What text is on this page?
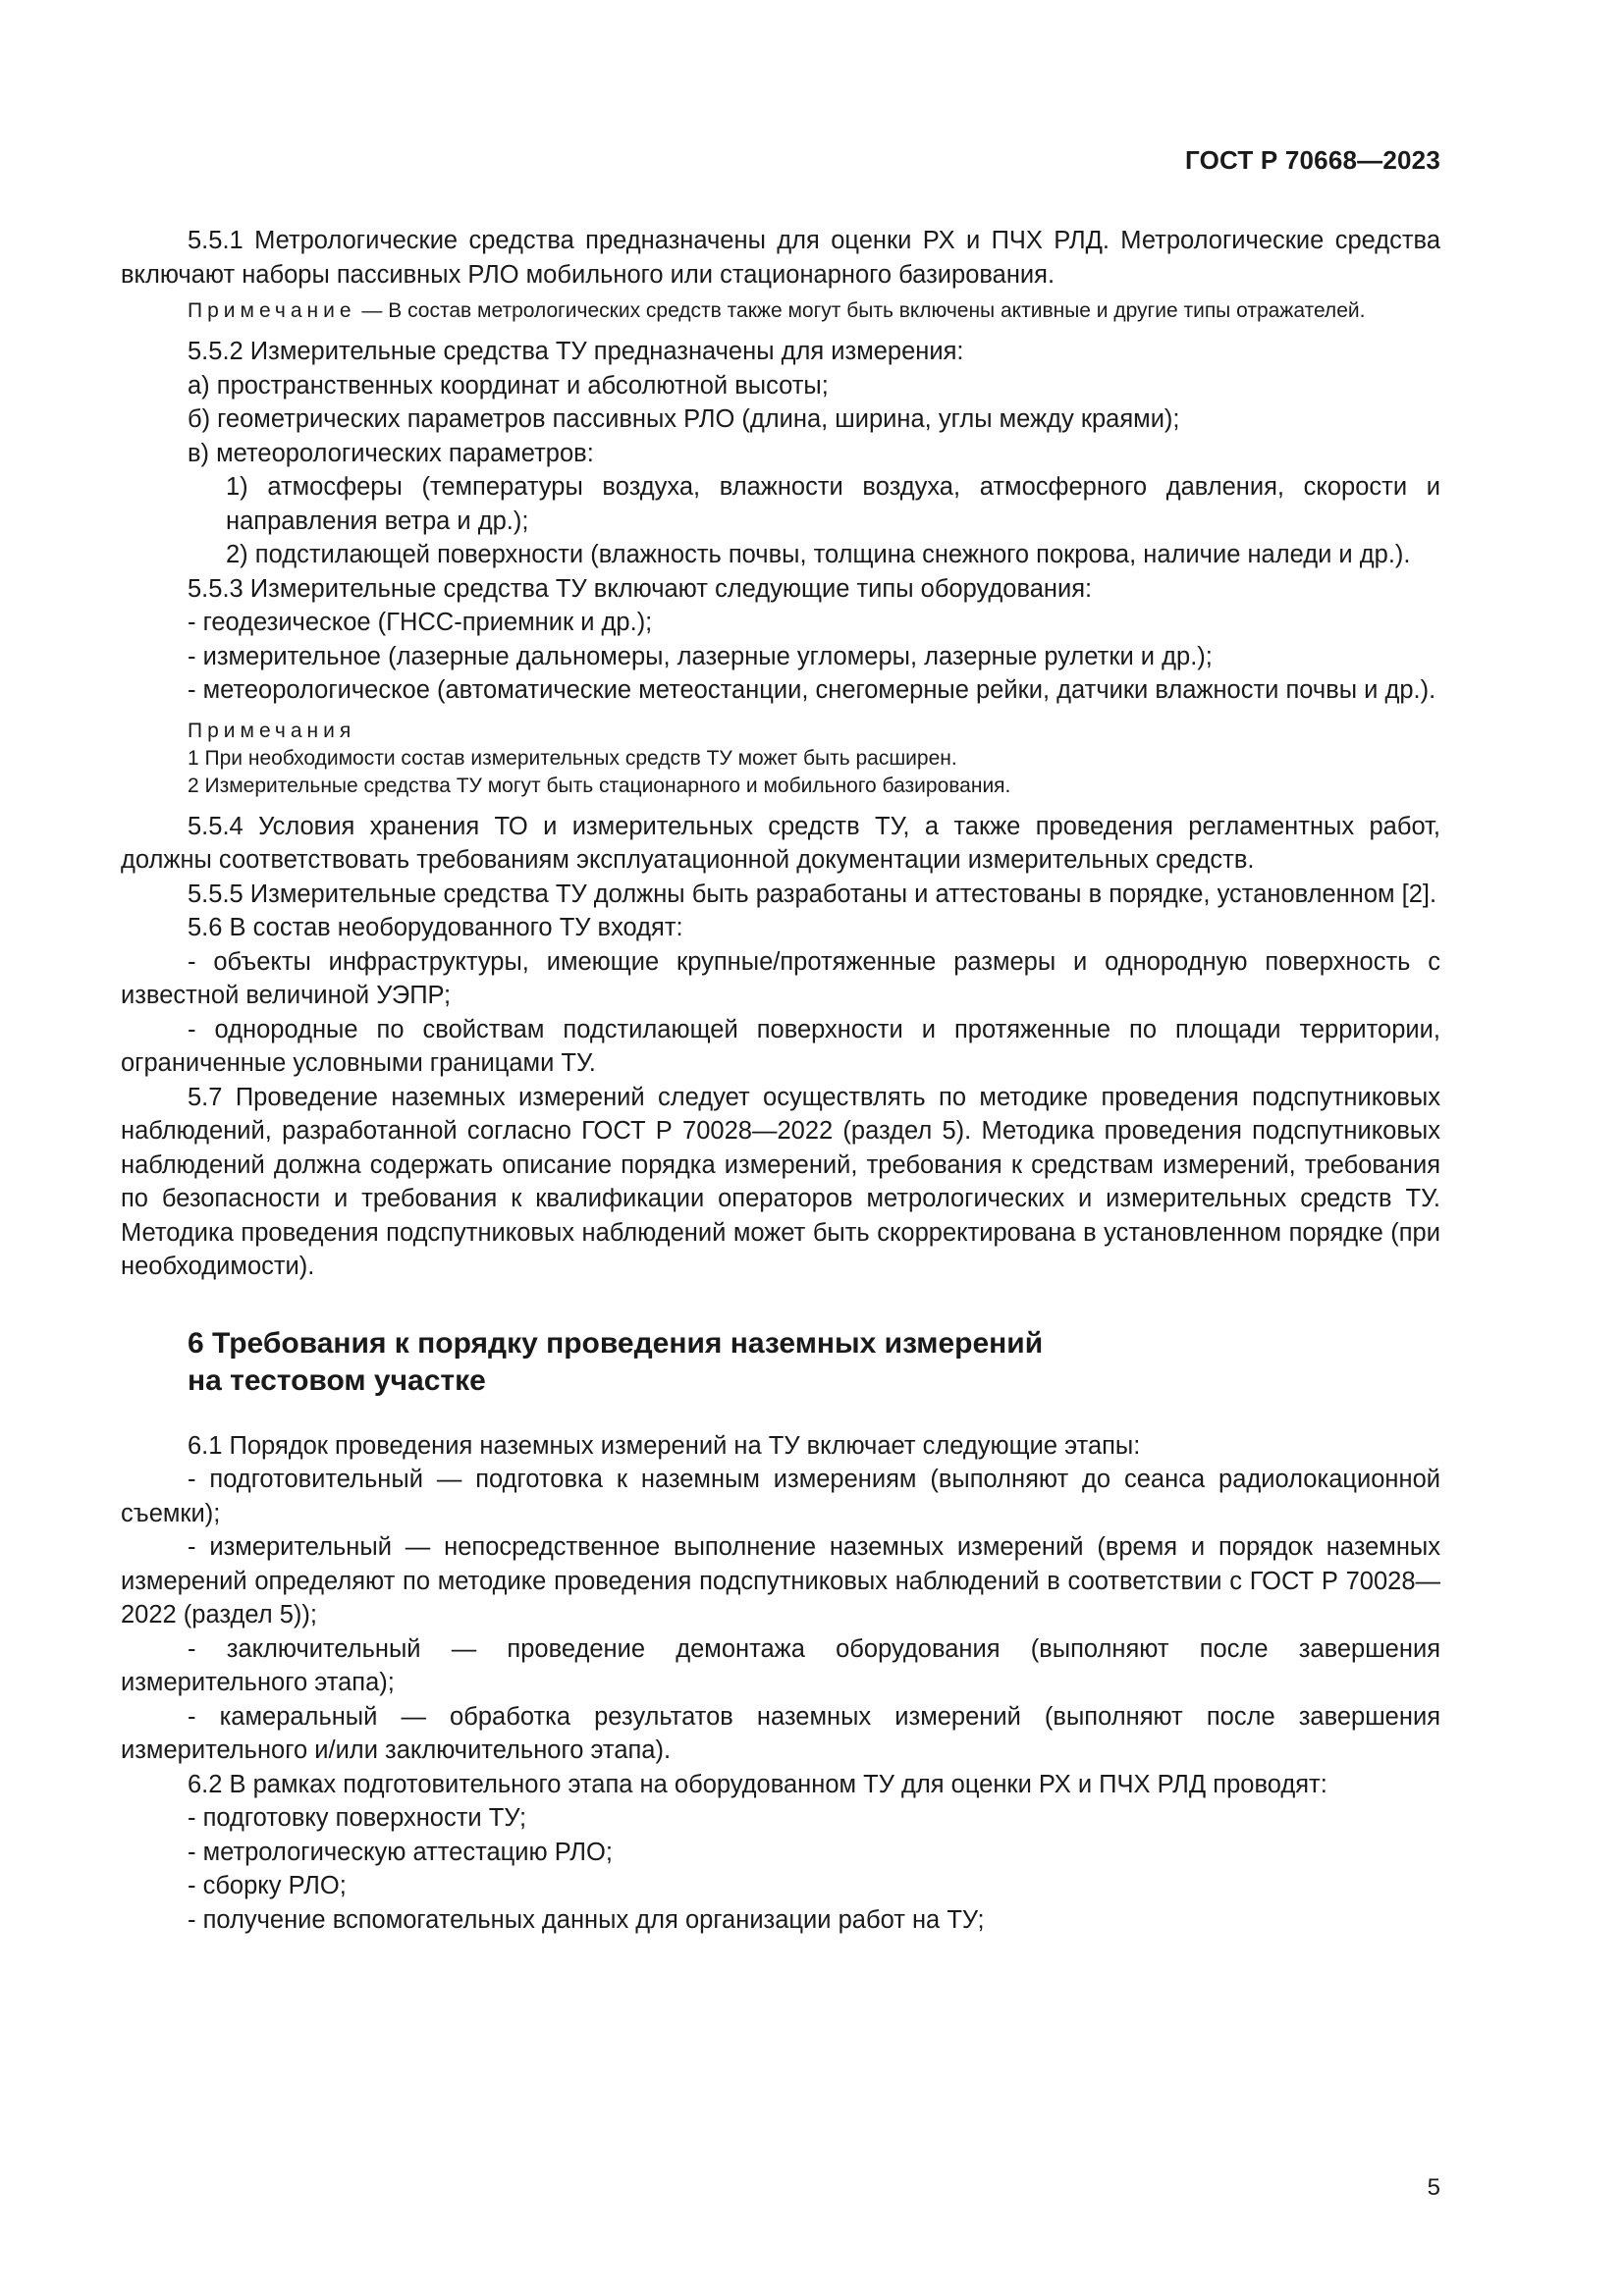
ГОСТ Р 70668—2023

5.5.1 Метрологические средства предназначены для оценки РХ и ПЧХ РЛД. Метрологические средства включают наборы пассивных РЛО мобильного или стационарного базирования.

Примечание — В состав метрологических средств также могут быть включены активные и другие типы отражателей.

5.5.2 Измерительные средства ТУ предназначены для измерения:

а) пространственных координат и абсолютной высоты;

б) геометрических параметров пассивных РЛО (длина, ширина, углы между краями);

в) метеорологических параметров:

1) атмосферы (температуры воздуха, влажности воздуха, атмосферного давления, скорости и направления ветра и др.);

2) подстилающей поверхности (влажность почвы, толщина снежного покрова, наличие наледи и др.).

5.5.3 Измерительные средства ТУ включают следующие типы оборудования:

- геодезическое (ГНСС-приемник и др.);

- измерительное (лазерные дальномеры, лазерные угломеры, лазерные рулетки и др.);

- метеорологическое (автоматические метеостанции, снегомерные рейки, датчики влажности почвы и др.).

Примечания

1 При необходимости состав измерительных средств ТУ может быть расширен.

2 Измерительные средства ТУ могут быть стационарного и мобильного базирования.

5.5.4 Условия хранения ТО и измерительных средств ТУ, а также проведения регламентных работ, должны соответствовать требованиям эксплуатационной документации измерительных средств.

5.5.5 Измерительные средства ТУ должны быть разработаны и аттестованы в порядке, установленном [2].

5.6 В состав необорудованного ТУ входят:

- объекты инфраструктуры, имеющие крупные/протяженные размеры и однородную поверхность с известной величиной УЭПР;

- однородные по свойствам подстилающей поверхности и протяженные по площади территории, ограниченные условными границами ТУ.

5.7 Проведение наземных измерений следует осуществлять по методике проведения подспутниковых наблюдений, разработанной согласно ГОСТ Р 70028—2022 (раздел 5). Методика проведения подспутниковых наблюдений должна содержать описание порядка измерений, требования к средствам измерений, требования по безопасности и требования к квалификации операторов метрологических и измерительных средств ТУ. Методика проведения подспутниковых наблюдений может быть скорректирована в установленном порядке (при необходимости).

6 Требования к порядку проведения наземных измерений
на тестовом участке

6.1 Порядок проведения наземных измерений на ТУ включает следующие этапы:

- подготовительный — подготовка к наземным измерениям (выполняют до сеанса радиолокационной съемки);

- измерительный — непосредственное выполнение наземных измерений (время и порядок наземных измерений определяют по методике проведения подспутниковых наблюдений в соответствии с ГОСТ Р 70028—2022 (раздел 5));

- заключительный — проведение демонтажа оборудования (выполняют после завершения измерительного этапа);

- камеральный — обработка результатов наземных измерений (выполняют после завершения измерительного и/или заключительного этапа).

6.2 В рамках подготовительного этапа на оборудованном ТУ для оценки РХ и ПЧХ РЛД проводят:

- подготовку поверхности ТУ;

- метрологическую аттестацию РЛО;

- сборку РЛО;

- получение вспомогательных данных для организации работ на ТУ;

5
